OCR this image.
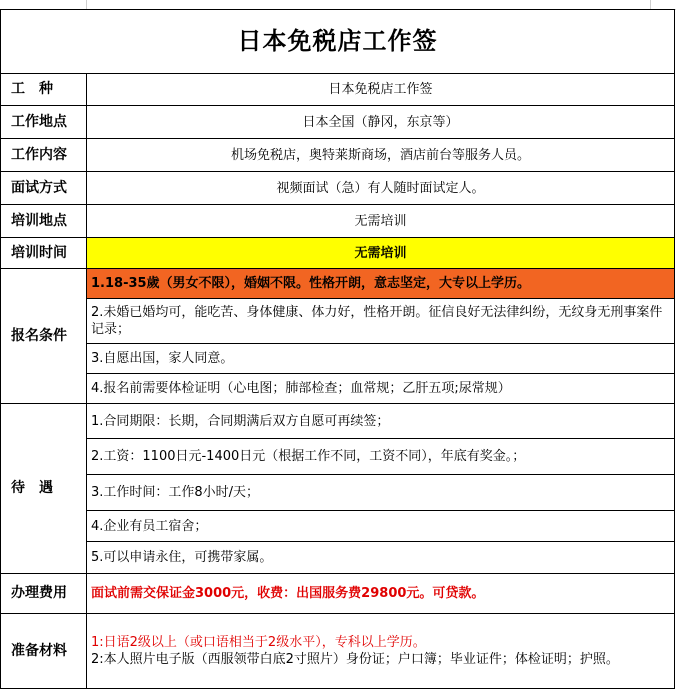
日本免税店工作签	
工　种	日本免税店工作签
工作地点	日本全国（静冈，东京等）
工作内容	机场免税店，奥特莱斯商场，酒店前台等服务人员。
面试方式	视频面试（急）有人随时面试定人。
培训地点	无需培训
培训时间	无需培训
报名条件	1.18-35歲（男女不限），婚姻不限。性格开朗，意志坚定，大专以上学历。
	2.未婚已婚均可，能吃苦、身体健康、体力好，性格开朗。征信良好无法律纠纷，无纹身无刑事案件记录；
	3.自愿出国，家人同意。
	4.报名前需要体检证明（心电图；肺部检查；血常规；乙肝五项;尿常规）
待　遇	1.合同期限：长期，合同期满后双方自愿可再续签；
	2.工资：1100日元-1400日元（根据工作不同，工资不同），年底有奖金。；
	3.工作时间：工作8小时/天；
	4.企业有员工宿舍；
	5.可以申请永住，可携带家属。
办理费用	面试前需交保证金3000元，收费：出国服务费29800元。可贷款。
准备材料	1:日语2级以上（或口语相当于2级水平），专科以上学历。
2:本人照片电子版（西服领带白底2寸照片）身份证；户口簿；毕业证件；体检证明；护照。
